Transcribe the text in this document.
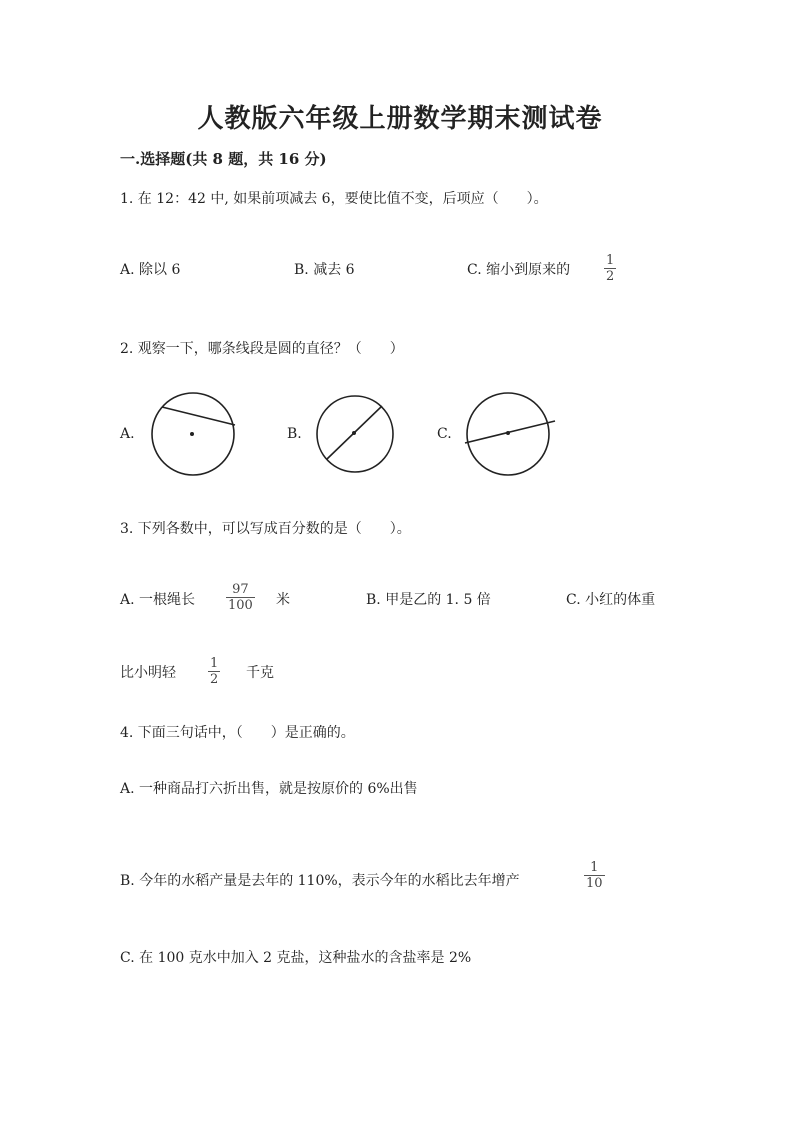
人教版六年级上册数学期末测试卷
一.选择题(共 8 题，共 16 分)
1. 在 12：42 中, 如果前项减去 6，要使比值不变，后项应（　　）。
A. 除以 6	B. 减去 6	C. 缩小到原来的
1
2
2. 观察一下，哪条线段是圆的直径？（　　）
A.	B.	C.
3. 下列各数中，可以写成百分数的是（　　）。
A. 一根绳长
97
100 米	B. 甲是乙的 1. 5 倍	C. 小红的体重
比小明轻
1
2 千克
4. 下面三句话中，（　　）是正确的。
A. 一种商品打六折出售，就是按原价的 6%出售
B. 今年的水稻产量是去年的 110%，表示今年的水稻比去年增产
1
10
C. 在 100 克水中加入 2 克盐，这种盐水的含盐率是 2%
